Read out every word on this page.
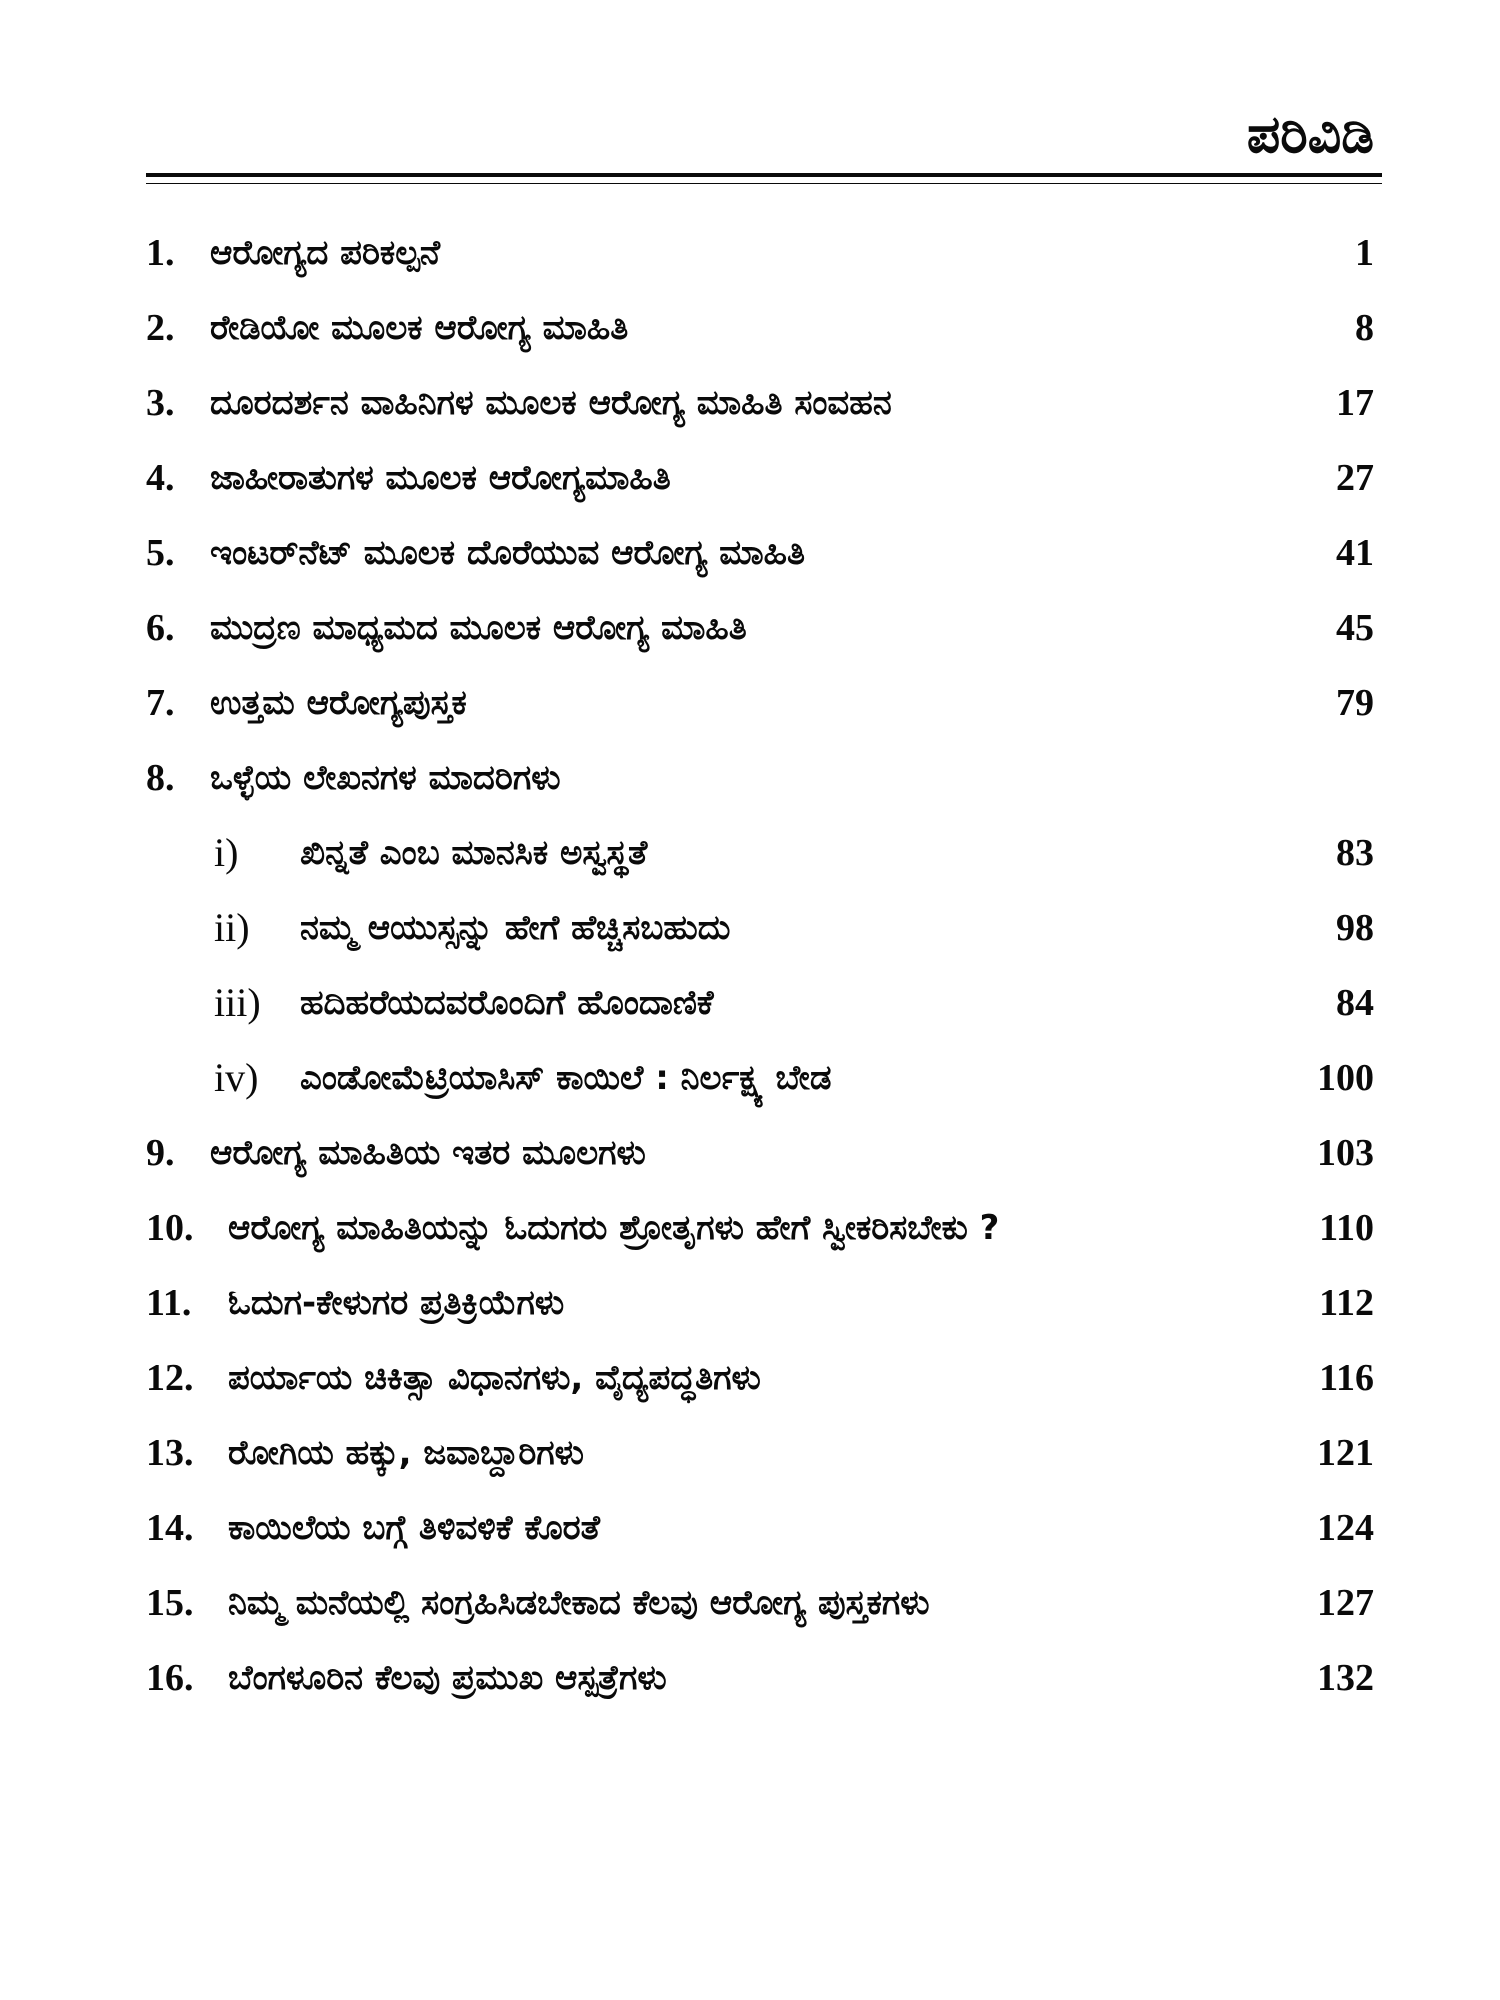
ಪರಿವಿಡಿ
1. ಆರೋಗ್ಯದ ಪರಿಕಲ್ಪನೆ	1
2. ರೇಡಿಯೋ ಮೂಲಕ ಆರೋಗ್ಯ ಮಾಹಿತಿ	8
3. ದೂರದರ್ಶನ ವಾಹಿನಿಗಳ ಮೂಲಕ ಆರೋಗ್ಯ ಮಾಹಿತಿ ಸಂವಹನ	17
4. ಜಾಹೀರಾತುಗಳ ಮೂಲಕ ಆರೋಗ್ಯಮಾಹಿತಿ	27
5. ಇಂಟರ್‌ನೆಟ್ ಮೂಲಕ ದೊರೆಯುವ ಆರೋಗ್ಯ ಮಾಹಿತಿ	41
6. ಮುದ್ರಣ ಮಾಧ್ಯಮದ ಮೂಲಕ ಆರೋಗ್ಯ ಮಾಹಿತಿ	45
7. ಉತ್ತಮ ಆರೋಗ್ಯಪುಸ್ತಕ	79
8. ಒಳ್ಳೆಯ ಲೇಖನಗಳ ಮಾದರಿಗಳು
i) ಖಿನ್ನತೆ ಎಂಬ ಮಾನಸಿಕ ಅಸ್ವಸ್ಥತೆ	83
ii) ನಮ್ಮ ಆಯುಸ್ಸನ್ನು ಹೇಗೆ ಹೆಚ್ಚಿಸಬಹುದು	98
iii) ಹದಿಹರೆಯದವರೊಂದಿಗೆ ಹೊಂದಾಣಿಕೆ	84
iv) ಎಂಡೋಮೆಟ್ರಿಯಾಸಿಸ್ ಕಾಯಿಲೆ : ನಿರ್ಲಕ್ಷ್ಯ ಬೇಡ	100
9. ಆರೋಗ್ಯ ಮಾಹಿತಿಯ ಇತರ ಮೂಲಗಳು	103
10. ಆರೋಗ್ಯ ಮಾಹಿತಿಯನ್ನು ಓದುಗರು ಶ್ರೋತೃಗಳು ಹೇಗೆ ಸ್ವೀಕರಿಸಬೇಕು ?	110
11. ಓದುಗ-ಕೇಳುಗರ ಪ್ರತಿಕ್ರಿಯೆಗಳು	112
12. ಪರ್ಯಾಯ ಚಿಕಿತ್ಸಾ ವಿಧಾನಗಳು, ವೈದ್ಯಪದ್ಧತಿಗಳು	116
13. ರೋಗಿಯ ಹಕ್ಕು, ಜವಾಬ್ದಾರಿಗಳು	121
14. ಕಾಯಿಲೆಯ ಬಗ್ಗೆ ತಿಳಿವಳಿಕೆ ಕೊರತೆ	124
15. ನಿಮ್ಮ ಮನೆಯಲ್ಲಿ ಸಂಗ್ರಹಿಸಿಡಬೇಕಾದ ಕೆಲವು ಆರೋಗ್ಯ ಪುಸ್ತಕಗಳು	127
16. ಬೆಂಗಳೂರಿನ ಕೆಲವು ಪ್ರಮುಖ ಆಸ್ಪತ್ರೆಗಳು	132
